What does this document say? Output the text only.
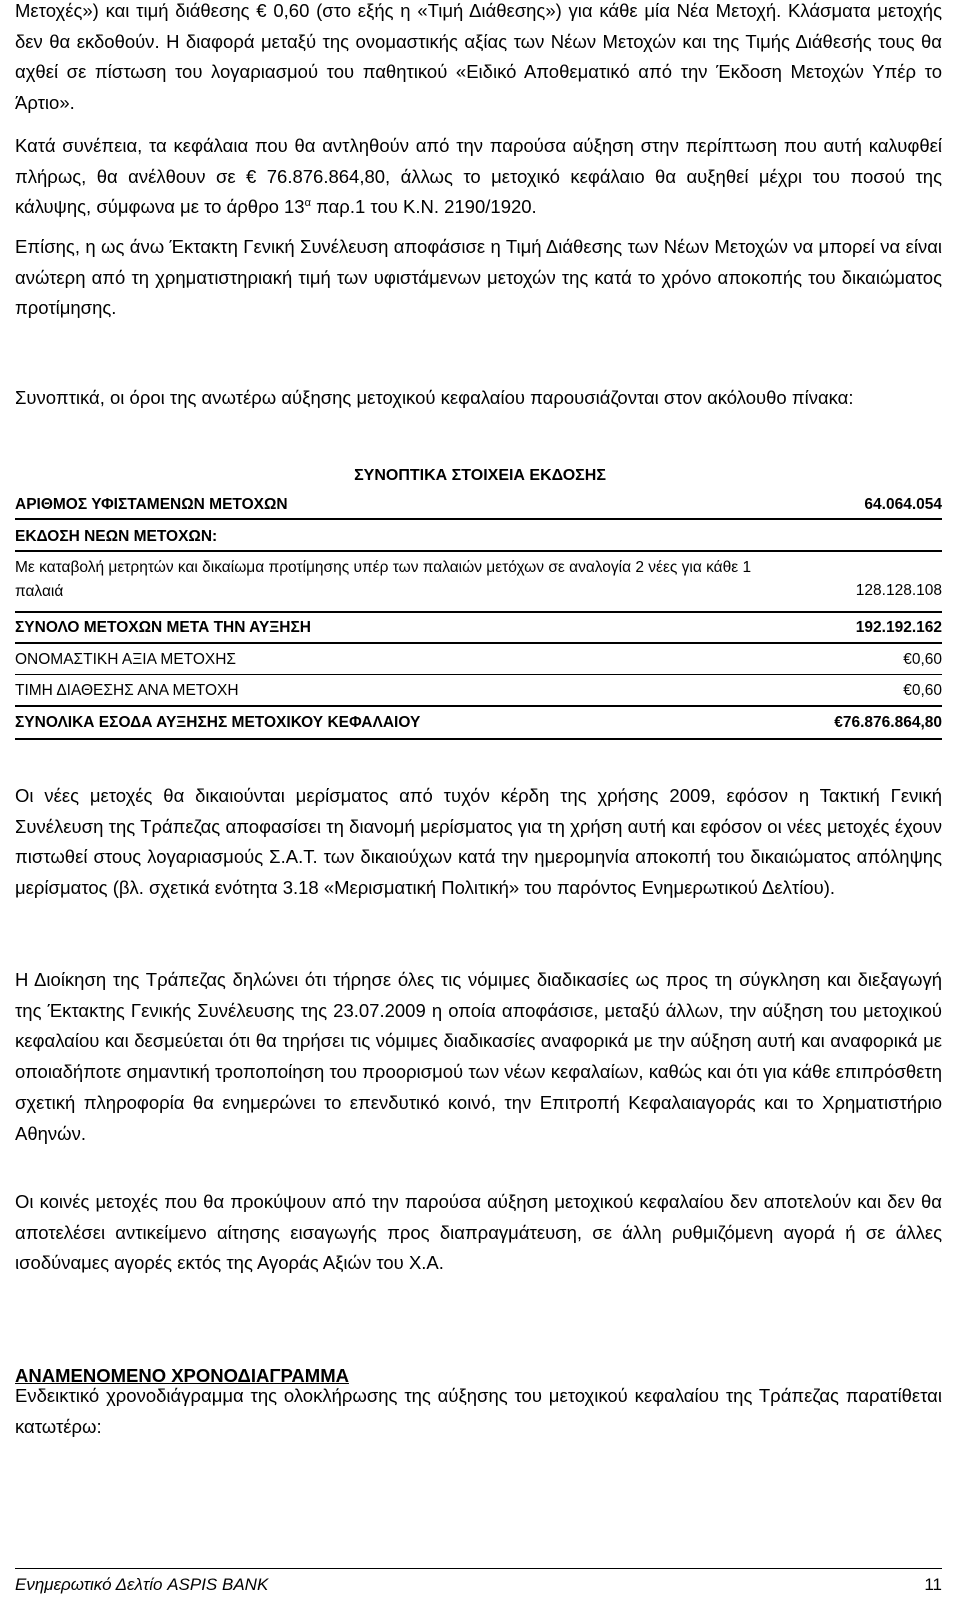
Μετοχές») και τιμή διάθεσης € 0,60 (στο εξής η «Τιμή Διάθεσης») για κάθε μία Νέα Μετοχή. Κλάσματα μετοχής δεν θα εκδοθούν. Η διαφορά μεταξύ της ονομαστικής αξίας των Νέων Μετοχών και της Τιμής Διάθεσής τους θα αχθεί σε πίστωση του λογαριασμού του παθητικού «Ειδικό Αποθεματικό από την Έκδοση Μετοχών Υπέρ το Άρτιο».

Κατά συνέπεια, τα κεφάλαια που θα αντληθούν από την παρούσα αύξηση στην περίπτωση που αυτή καλυφθεί πλήρως, θα ανέλθουν σε € 76.876.864,80, άλλως το μετοχικό κεφάλαιο θα αυξηθεί μέχρι του ποσού της κάλυψης, σύμφωνα με το άρθρο $13^\alpha$ παρ.1 του Κ.Ν. 2190/1920.

Επίσης, η ως άνω Έκτακτη Γενική Συνέλευση αποφάσισε η Τιμή Διάθεσης των Νέων Μετοχών να μπορεί να είναι ανώτερη από τη χρηματιστηριακή τιμή των υφιστάμενων μετοχών της κατά το χρόνο αποκοπής του δικαιώματος προτίμησης.

Συνοπτικά, οι όροι της ανωτέρω αύξησης μετοχικού κεφαλαίου παρουσιάζονται στον ακόλουθο πίνακα:

ΣΥΝΟΠΤΙΚΑ ΣΤΟΙΧΕΙΑ ΕΚΔΟΣΗΣ
ΑΡΙΘΜΟΣ ΥΦΙΣΤΑΜΕΝΩΝ ΜΕΤΟΧΩΝ	64.064.054
ΕΚΔΟΣΗ ΝΕΩΝ ΜΕΤΟΧΩΝ:
Με καταβολή μετρητών και δικαίωμα προτίμησης υπέρ των παλαιών μετόχων σε αναλογία 2 νέες για κάθε 1 παλαιά	128.128.108
ΣΥΝΟΛΟ ΜΕΤΟΧΩΝ ΜΕΤΑ ΤΗΝ ΑΥΞΗΣΗ	192.192.162
ΟΝΟΜΑΣΤΙΚΗ ΑΞΙΑ ΜΕΤΟΧΗΣ	€0,60
ΤΙΜΗ ΔΙΑΘΕΣΗΣ ΑΝΑ ΜΕΤΟΧΗ	€0,60
ΣΥΝΟΛΙΚΑ ΕΣΟΔΑ ΑΥΞΗΣΗΣ ΜΕΤΟΧΙΚΟΥ ΚΕΦΑΛΑΙΟΥ	€76.876.864,80

Οι νέες μετοχές θα δικαιούνται μερίσματος από τυχόν κέρδη της χρήσης 2009, εφόσον η Τακτική Γενική Συνέλευση της Τράπεζας αποφασίσει τη διανομή μερίσματος για τη χρήση αυτή και εφόσον οι νέες μετοχές έχουν πιστωθεί στους λογαριασμούς Σ.Α.Τ. των δικαιούχων κατά την ημερομηνία αποκοπή του δικαιώματος απόληψης μερίσματος (βλ. σχετικά ενότητα 3.18 «Μερισματική Πολιτική» του παρόντος Ενημερωτικού Δελτίου).

Η Διοίκηση της Τράπεζας δηλώνει ότι τήρησε όλες τις νόμιμες διαδικασίες ως προς τη σύγκληση και διεξαγωγή της Έκτακτης Γενικής Συνέλευσης της 23.07.2009 η οποία αποφάσισε, μεταξύ άλλων, την αύξηση του μετοχικού κεφαλαίου και δεσμεύεται ότι θα τηρήσει τις νόμιμες διαδικασίες αναφορικά με την αύξηση αυτή και αναφορικά με οποιαδήποτε σημαντική τροποποίηση του προορισμού των νέων κεφαλαίων, καθώς και ότι για κάθε επιπρόσθετη σχετική πληροφορία θα ενημερώνει το επενδυτικό κοινό, την Επιτροπή Κεφαλαιαγοράς και το Χρηματιστήριο Αθηνών.

Οι κοινές μετοχές που θα προκύψουν από την παρούσα αύξηση μετοχικού κεφαλαίου δεν αποτελούν και δεν θα αποτελέσει αντικείμενο αίτησης εισαγωγής προς διαπραγμάτευση, σε άλλη ρυθμιζόμενη αγορά ή σε άλλες ισοδύναμες αγορές εκτός της Αγοράς Αξιών του Χ.Α.

ΑΝΑΜΕΝΟΜΕΝΟ ΧΡΟΝΟΔΙΑΓΡΑΜΜΑ

Ενδεικτικό χρονοδιάγραμμα της ολοκλήρωσης της αύξησης του μετοχικού κεφαλαίου της Τράπεζας παρατίθεται κατωτέρω:

Ενημερωτικό Δελτίο ASPIS BANK	11
